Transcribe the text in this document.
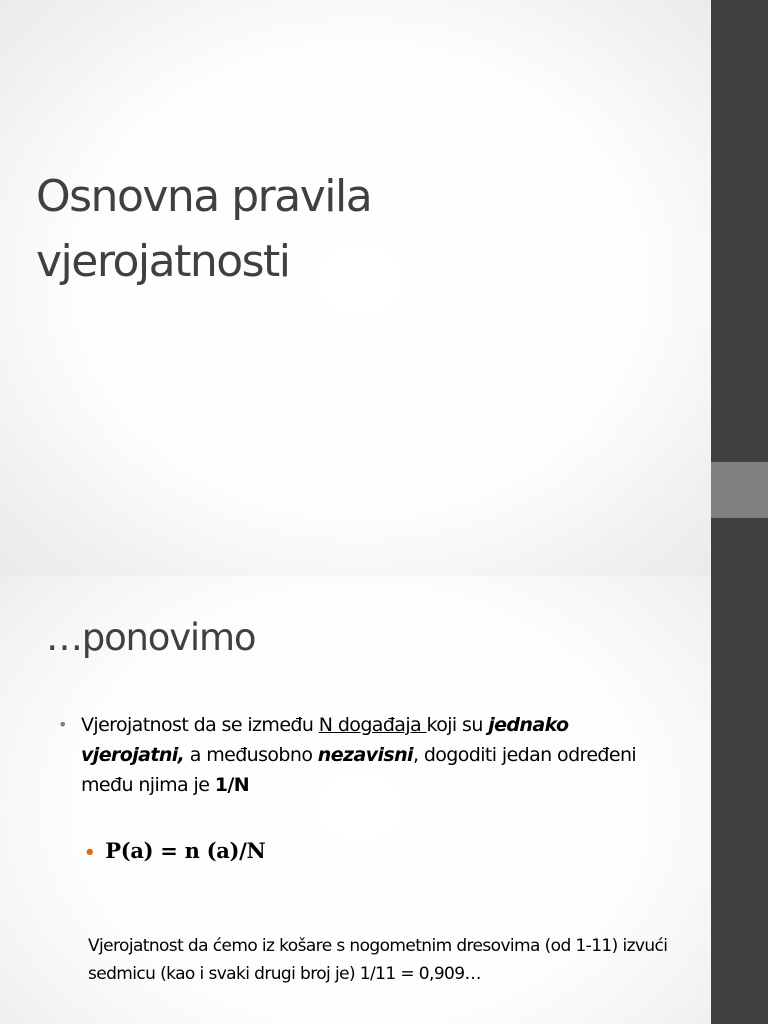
Osnovna pravila
vjerojatnosti
…ponovimo
• Vjerojatnost da se između N događaja koji su jednako vjerojatni, a međusobno nezavisni, dogoditi jedan određeni među njima je 1/N
• P(a) = n (a)/N

Vjerojatnost da ćemo iz košare s nogometnim dresovima (od 1-11) izvući sedmicu (kao i svaki drugi broj je) 1/11 = 0,909…
